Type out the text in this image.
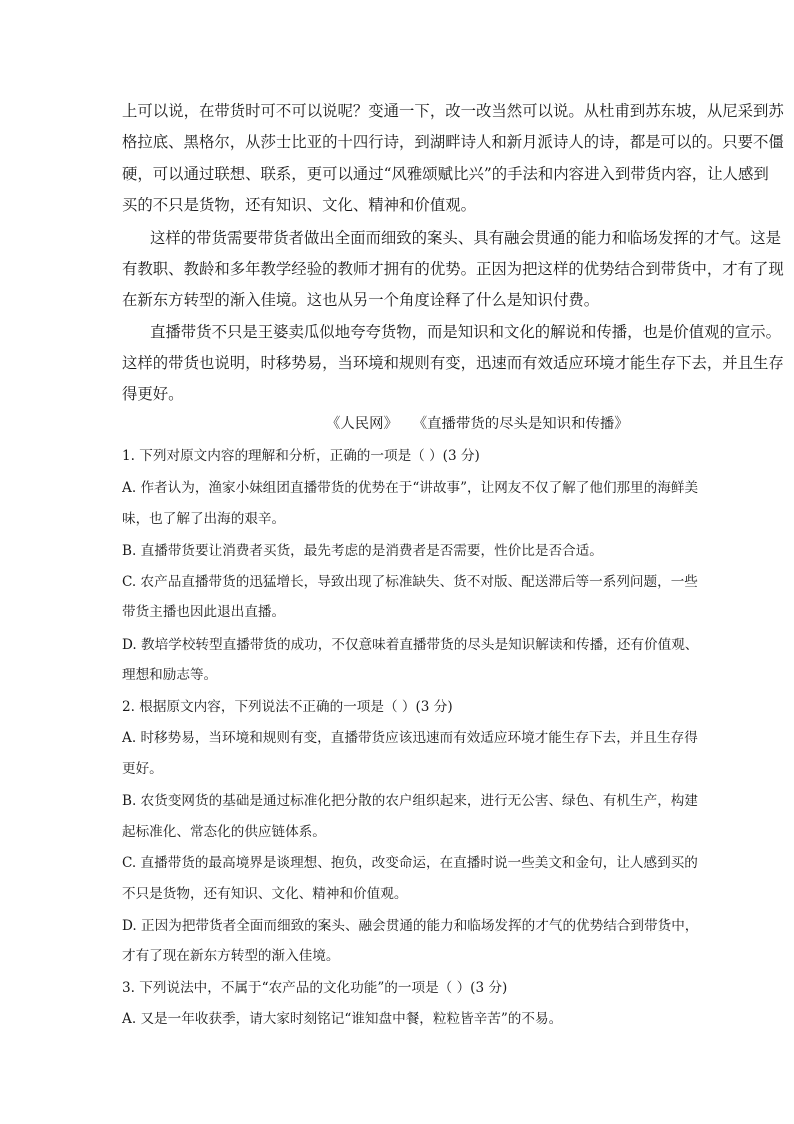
上可以说，在带货时可不可以说呢？变通一下，改一改当然可以说。从杜甫到苏东坡，从尼采到苏
格拉底、黑格尔，从莎士比亚的十四行诗，到湖畔诗人和新月派诗人的诗，都是可以的。只要不僵
硬，可以通过联想、联系，更可以通过“风雅颂赋比兴”的手法和内容进入到带货内容，让人感到
买的不只是货物，还有知识、文化、精神和价值观。
这样的带货需要带货者做出全面而细致的案头、具有融会贯通的能力和临场发挥的才气。这是
有教职、教龄和多年教学经验的教师才拥有的优势。正因为把这样的优势结合到带货中，才有了现
在新东方转型的渐入佳境。这也从另一个角度诠释了什么是知识付费。
直播带货不只是王婆卖瓜似地夸夸货物，而是知识和文化的解说和传播，也是价值观的宣示。
这样的带货也说明，时移势易，当环境和规则有变，迅速而有效适应环境才能生存下去，并且生存
得更好。
《人民网》 《直播带货的尽头是知识和传播》
1. 下列对原文内容的理解和分析，正确的一项是（ ）(3 分)
A. 作者认为，渔家小妹组团直播带货的优势在于“讲故事”，让网友不仅了解了他们那里的海鲜美
味，也了解了出海的艰辛。
B. 直播带货要让消费者买货，最先考虑的是消费者是否需要，性价比是否合适。
C. 农产品直播带货的迅猛增长，导致出现了标准缺失、货不对版、配送滞后等一系列问题，一些
带货主播也因此退出直播。
D. 教培学校转型直播带货的成功，不仅意味着直播带货的尽头是知识解读和传播，还有价值观、
理想和励志等。
2. 根据原文内容，下列说法不正确的一项是（ ）(3 分)
A. 时移势易，当环境和规则有变，直播带货应该迅速而有效适应环境才能生存下去，并且生存得
更好。
B. 农货变网货的基础是通过标准化把分散的农户组织起来，进行无公害、绿色、有机生产，构建
起标准化、常态化的供应链体系。
C. 直播带货的最高境界是谈理想、抱负，改变命运，在直播时说一些美文和金句，让人感到买的
不只是货物，还有知识、文化、精神和价值观。
D. 正因为把带货者全面而细致的案头、融会贯通的能力和临场发挥的才气的优势结合到带货中，
才有了现在新东方转型的渐入佳境。
3. 下列说法中，不属于“农产品的文化功能”的一项是（ ）(3 分)
A. 又是一年收获季，请大家时刻铭记“谁知盘中餐，粒粒皆辛苦”的不易。
